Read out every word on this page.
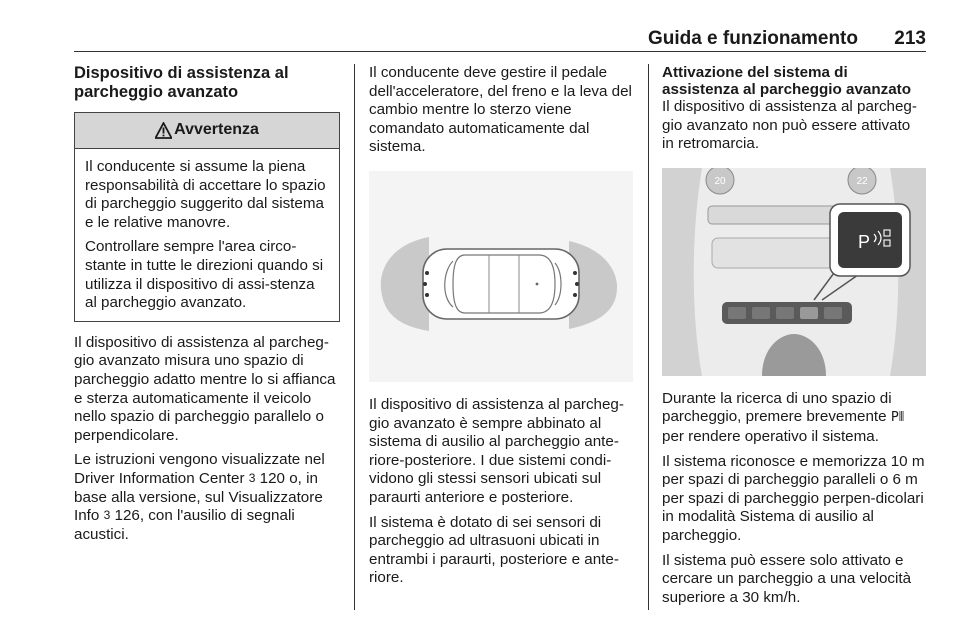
Guida e funzionamento 213
Dispositivo di assistenza al parcheggio avanzato
Avvertenza

Il conducente si assume la piena responsabilità di accettare lo spazio di parcheggio suggerito dal sistema e le relative manovre.

Controllare sempre l'area circo-stante in tutte le direzioni quando si utilizza il dispositivo di assi-stenza al parcheggio avanzato.

Il dispositivo di assistenza al parcheg-gio avanzato misura uno spazio di parcheggio adatto mentre lo si affianca e sterza automaticamente il veicolo nello spazio di parcheggio parallelo o perpendicolare.

Le istruzioni vengono visualizzate nel Driver Information Center 3 120 o, in base alla versione, sul Visualizzatore Info 3 126, con l'ausilio di segnali acustici.

Il conducente deve gestire il pedale dell'acceleratore, del freno e la leva del cambio mentre lo sterzo viene comandato automaticamente dal sistema.

Il dispositivo di assistenza al parcheg-gio avanzato è sempre abbinato al sistema di ausilio al parcheggio ante-riore-posteriore. I due sistemi condi-vidono gli stessi sensori ubicati sul paraurti anteriore e posteriore.

Il sistema è dotato di sei sensori di parcheggio ad ultrasuoni ubicati in entrambi i paraurti, posteriore e ante-riore.

Attivazione del sistema di assistenza al parcheggio avanzato

Il dispositivo di assistenza al parcheg-gio avanzato non può essere attivato in retromarcia.

20	22
P

Durante la ricerca di uno spazio di parcheggio, premere brevemente P⦀ per rendere operativo il sistema.

Il sistema riconosce e memorizza 10 m per spazi di parcheggio paralleli o 6 m per spazi di parcheggio perpen-dicolari in modalità Sistema di ausilio al parcheggio.

Il sistema può essere solo attivato e cercare un parcheggio a una velocità superiore a 30 km/h.
